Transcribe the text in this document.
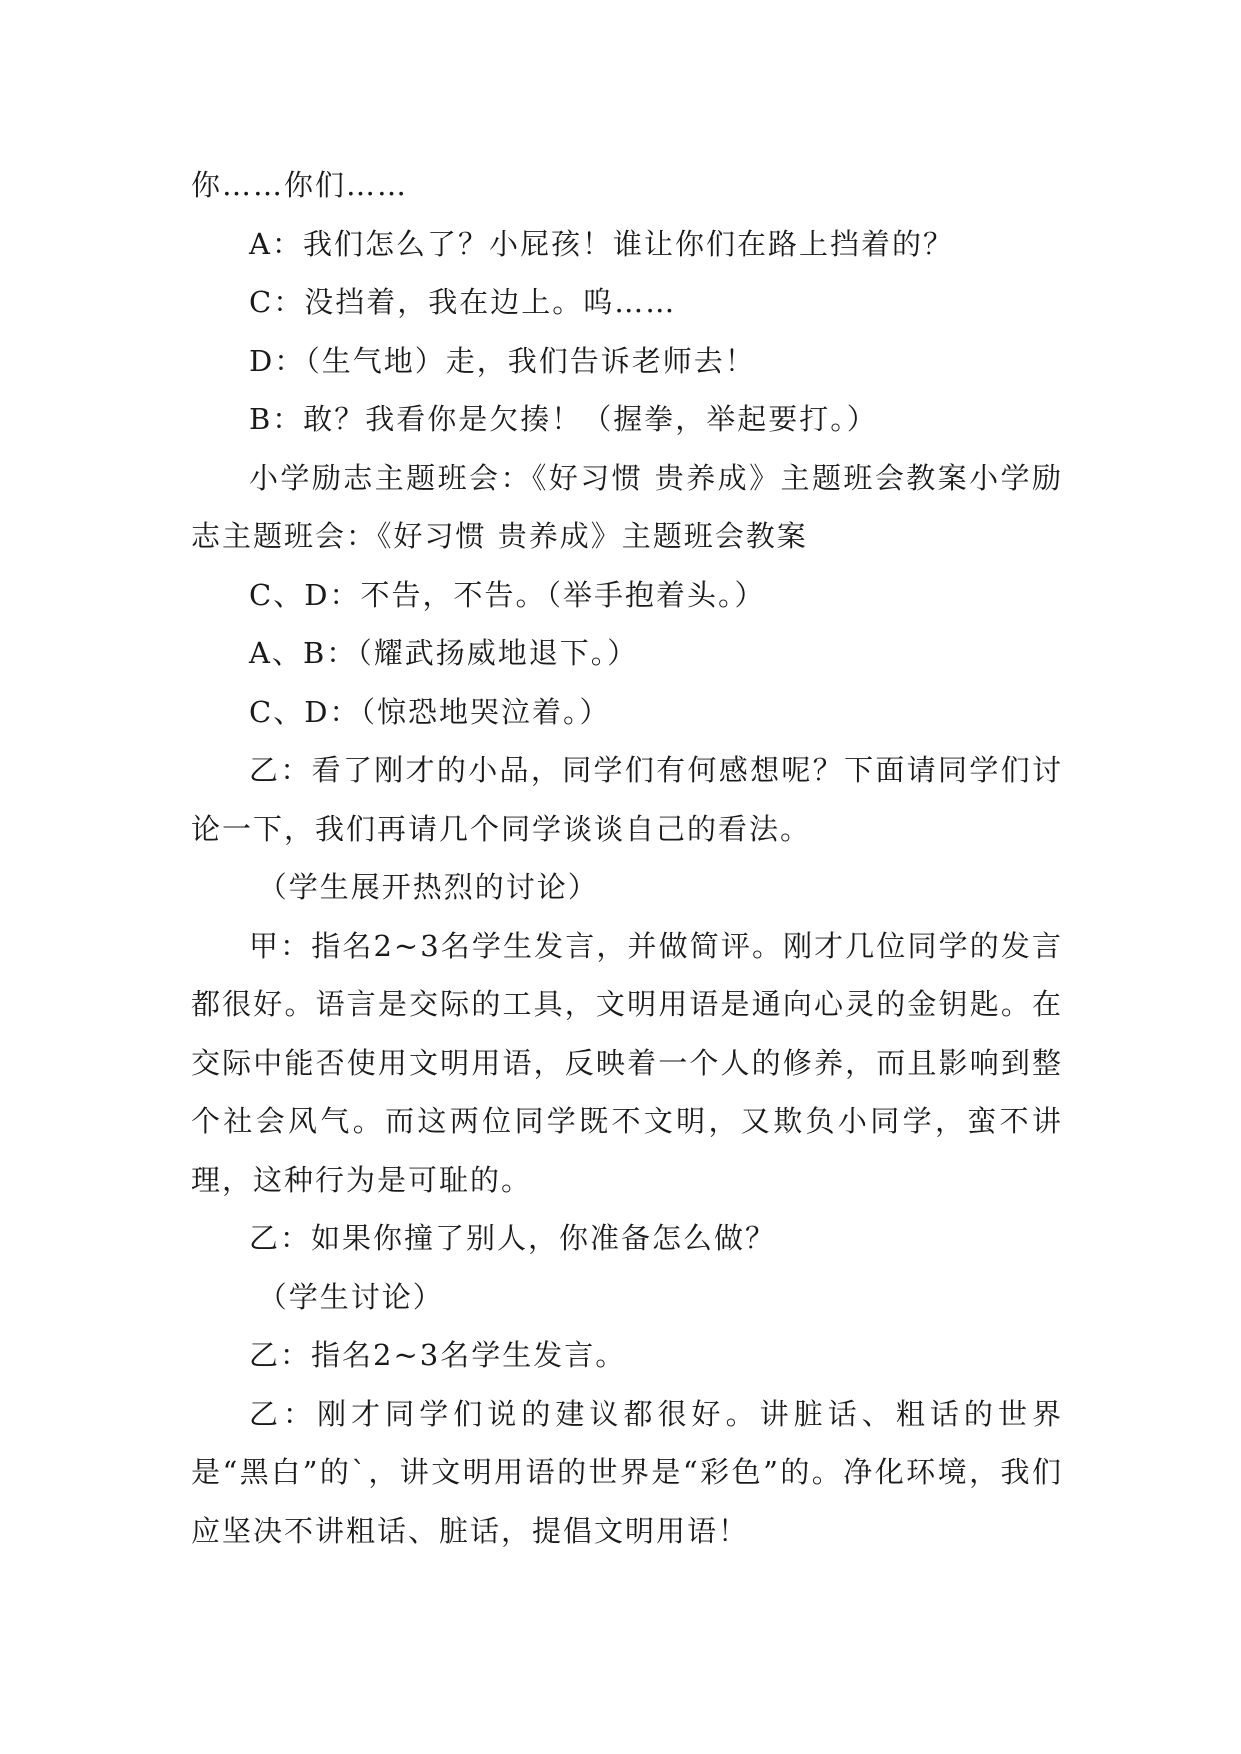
你……你们……

A：我们怎么了？小屁孩！谁让你们在路上挡着的？

C：没挡着，我在边上。呜……

D：（生气地）走，我们告诉老师去！

B：敢？我看你是欠揍！（握拳，举起要打。）

小学励志主题班会：《好习惯 贵养成》主题班会教案小学励志主题班会：《好习惯 贵养成》主题班会教案

C、D：不告，不告。（举手抱着头。）

A、B：（耀武扬威地退下。）

C、D：（惊恐地哭泣着。）

乙：看了刚才的小品，同学们有何感想呢？下面请同学们讨论一下，我们再请几个同学谈谈自己的看法。

（学生展开热烈的讨论）

甲：指名2~3名学生发言，并做简评。刚才几位同学的发言都很好。语言是交际的工具，文明用语是通向心灵的金钥匙。在交际中能否使用文明用语，反映着一个人的修养，而且影响到整个社会风气。而这两位同学既不文明，又欺负小同学，蛮不讲理，这种行为是可耻的。

乙：如果你撞了别人，你准备怎么做？

（学生讨论）

乙：指名2~3名学生发言。

乙：刚才同学们说的建议都很好。讲脏话、粗话的世界是“黑白”的`，讲文明用语的世界是“彩色”的。净化环境，我们应坚决不讲粗话、脏话，提倡文明用语！
